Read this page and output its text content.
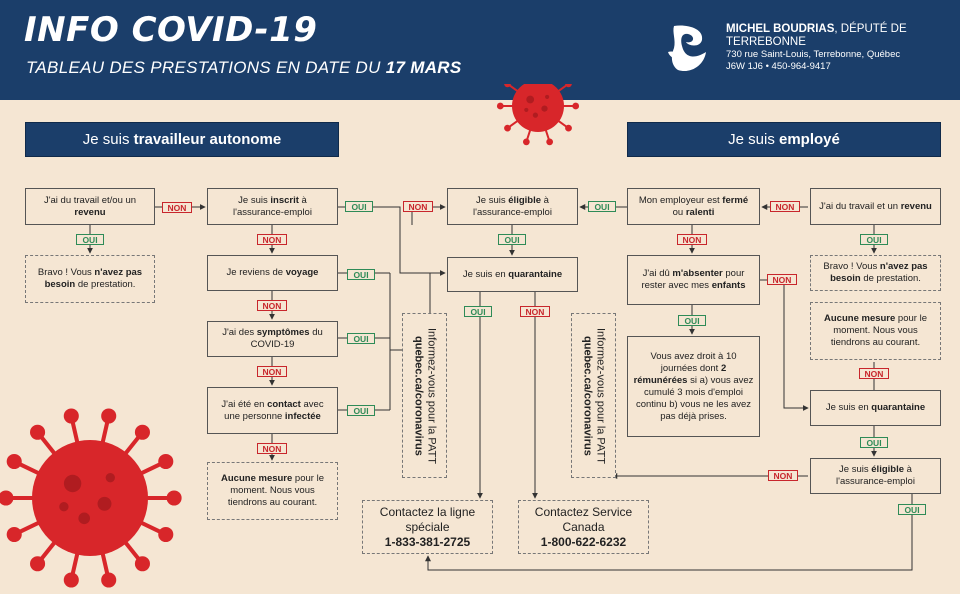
INFO COVID-19
TABLEAU DES PRESTATIONS EN DATE DU 17 MARS
MICHEL BOUDRIAS, DÉPUTÉ DE
TERREBONNE
730 rue Saint-Louis, Terrebonne, Québec
J6W 1J6 • 450-964-9417
Je suis
travailleur autonome	Je suis
employé
J'ai du travail et/ou un revenu
Bravo ! Vous n'avez pas besoin de prestation.
Je suis inscrit à l'assurance-emploi
Je reviens de voyage
J'ai des symptômes du COVID-19
J'ai été en contact avec une personne infectée
Aucune mesure pour le moment. Nous vous tiendrons au courant.
Informez-vous pour la PATT
quebec.ca/coronavirus	Informez-vous pour la PATT
quebec.ca/coronavirus
Je suis éligible à l'assurance-emploi
Je suis en quarantaine
Contactez la ligne spéciale
1-833-381-2725
Contactez Service Canada
1-800-622-6232
Mon employeur est fermé ou ralenti
J'ai du travail et un revenu
Bravo ! Vous n'avez pas besoin de prestation.
J'ai dû m'absenter pour rester avec mes enfants
Vous avez droit à 10 journées dont 2 rémunérées si a) vous avez cumulé 3 mois d'emploi continu b) vous ne les avez pas déjà prises.
Aucune mesure pour le moment. Nous vous tiendrons au courant.
Je suis en quarantaine
Je suis éligible à l'assurance-emploi
NON
OUI	NON
OUI	NON
OUI
NON
OUI
NON
OUI
NON
OUI
OUI	NON
OUI	NON
OUI
NON
OUI
NON
NON
OUI
NON
OUI
